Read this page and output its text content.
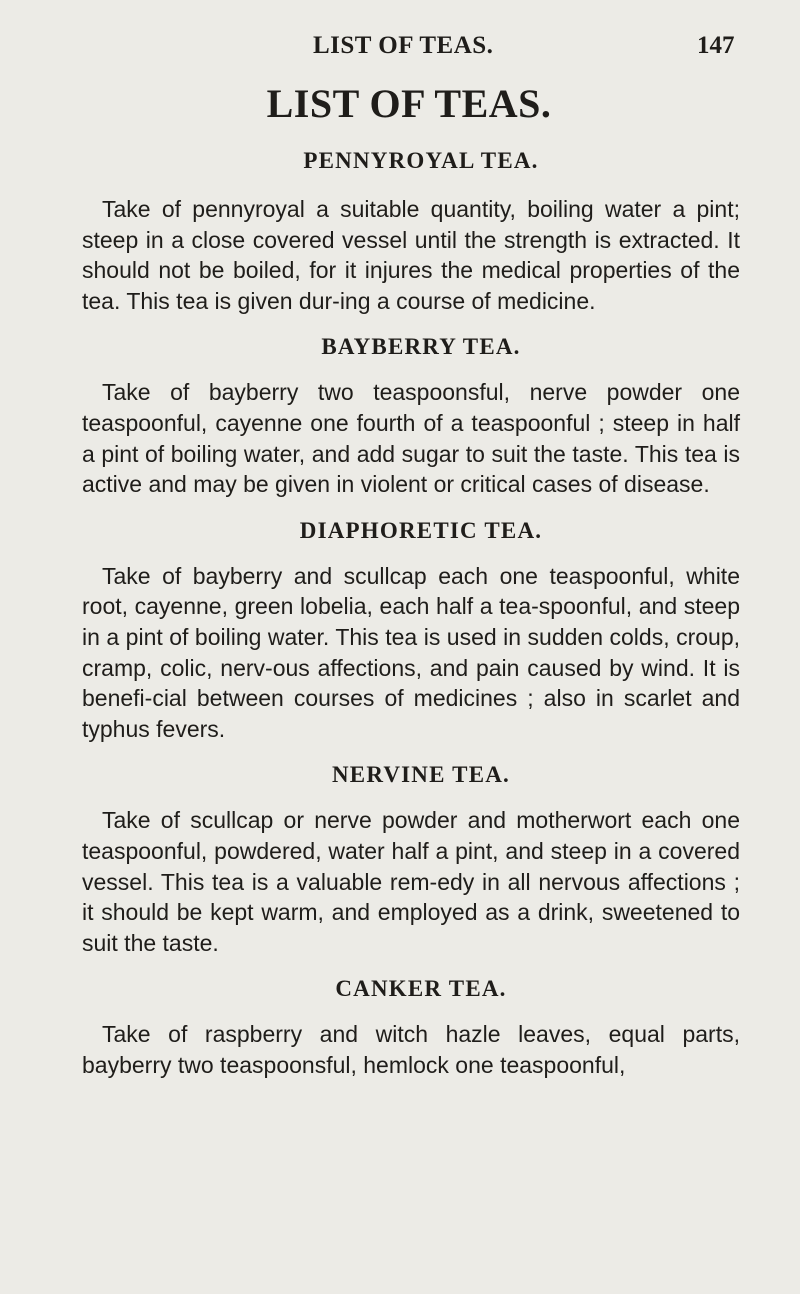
LIST OF TEAS.	147
LIST OF TEAS.
PENNYROYAL TEA.

Take of pennyroyal a suitable quantity, boiling water a pint; steep in a close covered vessel until the strength is extracted. It should not be boiled, for it injures the medical properties of the tea. This tea is given dur-ing a course of medicine.

BAYBERRY TEA.

Take of bayberry two teaspoonsful, nerve powder one teaspoonful, cayenne one fourth of a teaspoonful ; steep in half a pint of boiling water, and add sugar to suit the taste. This tea is active and may be given in violent or critical cases of disease.

DIAPHORETIC TEA.

Take of bayberry and scullcap each one teaspoonful, white root, cayenne, green lobelia, each half a tea-spoonful, and steep in a pint of boiling water. This tea is used in sudden colds, croup, cramp, colic, nerv-ous affections, and pain caused by wind. It is benefi-cial between courses of medicines ; also in scarlet and typhus fevers.

NERVINE TEA.

Take of scullcap or nerve powder and motherwort each one teaspoonful, powdered, water half a pint, and steep in a covered vessel. This tea is a valuable rem-edy in all nervous affections ; it should be kept warm, and employed as a drink, sweetened to suit the taste.

CANKER TEA.

Take of raspberry and witch hazle leaves, equal parts, bayberry two teaspoonsful, hemlock one teaspoonful,
